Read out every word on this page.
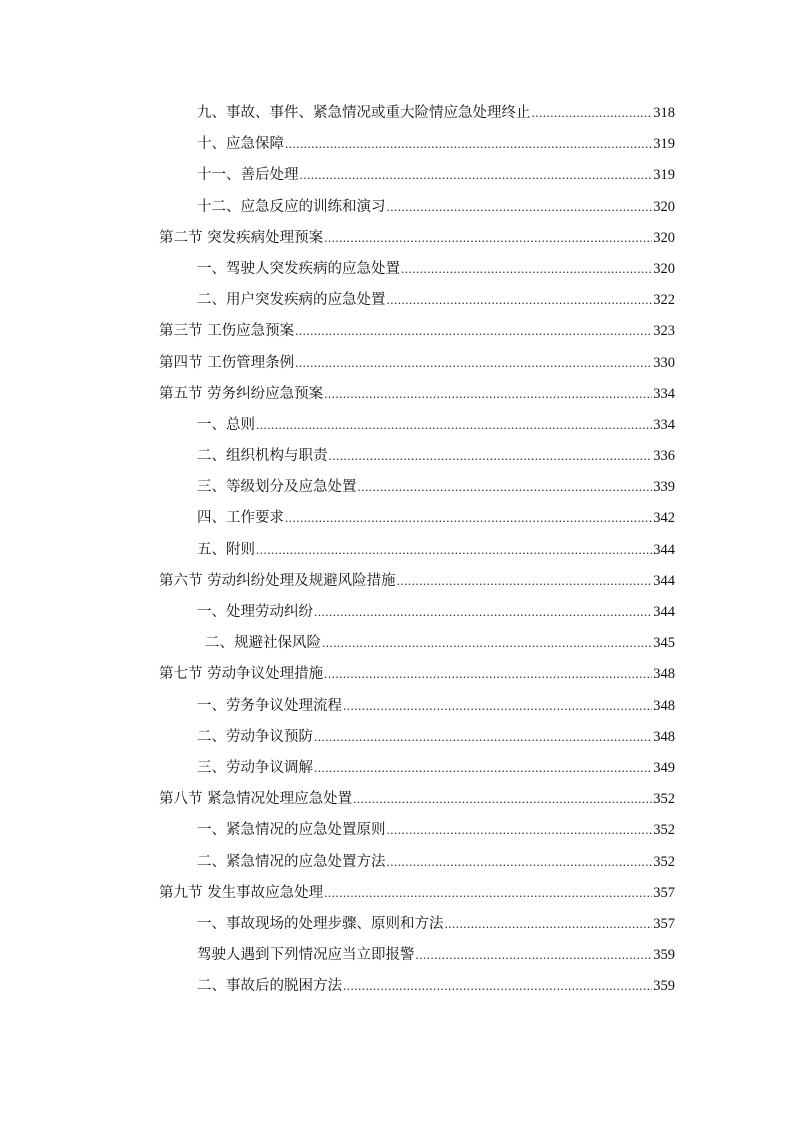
九、事故、事件、紧急情况或重大险情应急处理终止 .....	318
十、应急保障 .....	319
十一、善后处理 .....	319
十二、应急反应的训练和演习 .....	320
第二节 突发疾病处理预案 .....	320
一、驾驶人突发疾病的应急处置 .....	320
二、用户突发疾病的应急处置 .....	322
第三节 工伤应急预案 .....	323
第四节 工伤管理条例 .....	330
第五节 劳务纠纷应急预案 .....	334
一、总则 .....	334
二、组织机构与职责 .....	336
三、等级划分及应急处置 .....	339
四、工作要求 .....	342
五、附则 .....	344
第六节 劳动纠纷处理及规避风险措施 .....	344
一、处理劳动纠纷 .....	344
二、规避社保风险 .....	345
第七节 劳动争议处理措施 .....	348
一、劳务争议处理流程 .....	348
二、劳动争议预防 .....	348
三、劳动争议调解 .....	349
第八节 紧急情况处理应急处置 .....	352
一、紧急情况的应急处置原则 .....	352
二、紧急情况的应急处置方法 .....	352
第九节 发生事故应急处理 .....	357
一、事故现场的处理步骤、原则和方法 .....	357
驾驶人遇到下列情况应当立即报警 .....	359
二、事故后的脱困方法 .....	359
